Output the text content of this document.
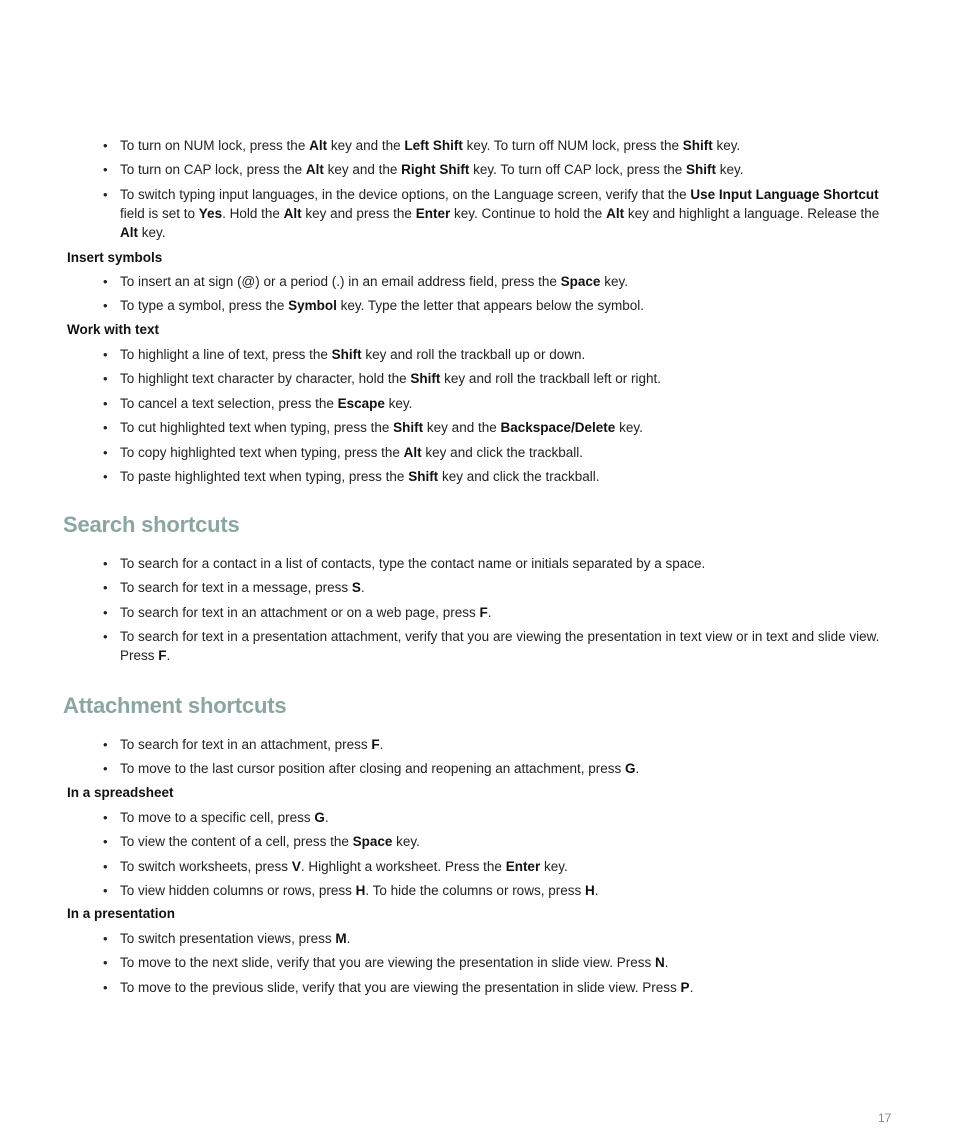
• To turn on NUM lock, press the Alt key and the Left Shift key. To turn off NUM lock, press the Shift key.
• To turn on CAP lock, press the Alt key and the Right Shift key. To turn off CAP lock, press the Shift key.
• To switch typing input languages, in the device options, on the Language screen, verify that the Use Input Language Shortcut field is set to Yes. Hold the Alt key and press the Enter key. Continue to hold the Alt key and highlight a language. Release the Alt key.
Insert symbols
• To insert an at sign (@) or a period (.) in an email address field, press the Space key.
• To type a symbol, press the Symbol key. Type the letter that appears below the symbol.
Work with text
• To highlight a line of text, press the Shift key and roll the trackball up or down.
• To highlight text character by character, hold the Shift key and roll the trackball left or right.
• To cancel a text selection, press the Escape key.
• To cut highlighted text when typing, press the Shift key and the Backspace/Delete key.
• To copy highlighted text when typing, press the Alt key and click the trackball.
• To paste highlighted text when typing, press the Shift key and click the trackball.
Search shortcuts
• To search for a contact in a list of contacts, type the contact name or initials separated by a space.
• To search for text in a message, press S.
• To search for text in an attachment or on a web page, press F.
• To search for text in a presentation attachment, verify that you are viewing the presentation in text view or in text and slide view. Press F.
Attachment shortcuts
• To search for text in an attachment, press F.
• To move to the last cursor position after closing and reopening an attachment, press G.
In a spreadsheet
• To move to a specific cell, press G.
• To view the content of a cell, press the Space key.
• To switch worksheets, press V. Highlight a worksheet. Press the Enter key.
• To view hidden columns or rows, press H. To hide the columns or rows, press H.
In a presentation
• To switch presentation views, press M.
• To move to the next slide, verify that you are viewing the presentation in slide view. Press N.
• To move to the previous slide, verify that you are viewing the presentation in slide view. Press P.
17
